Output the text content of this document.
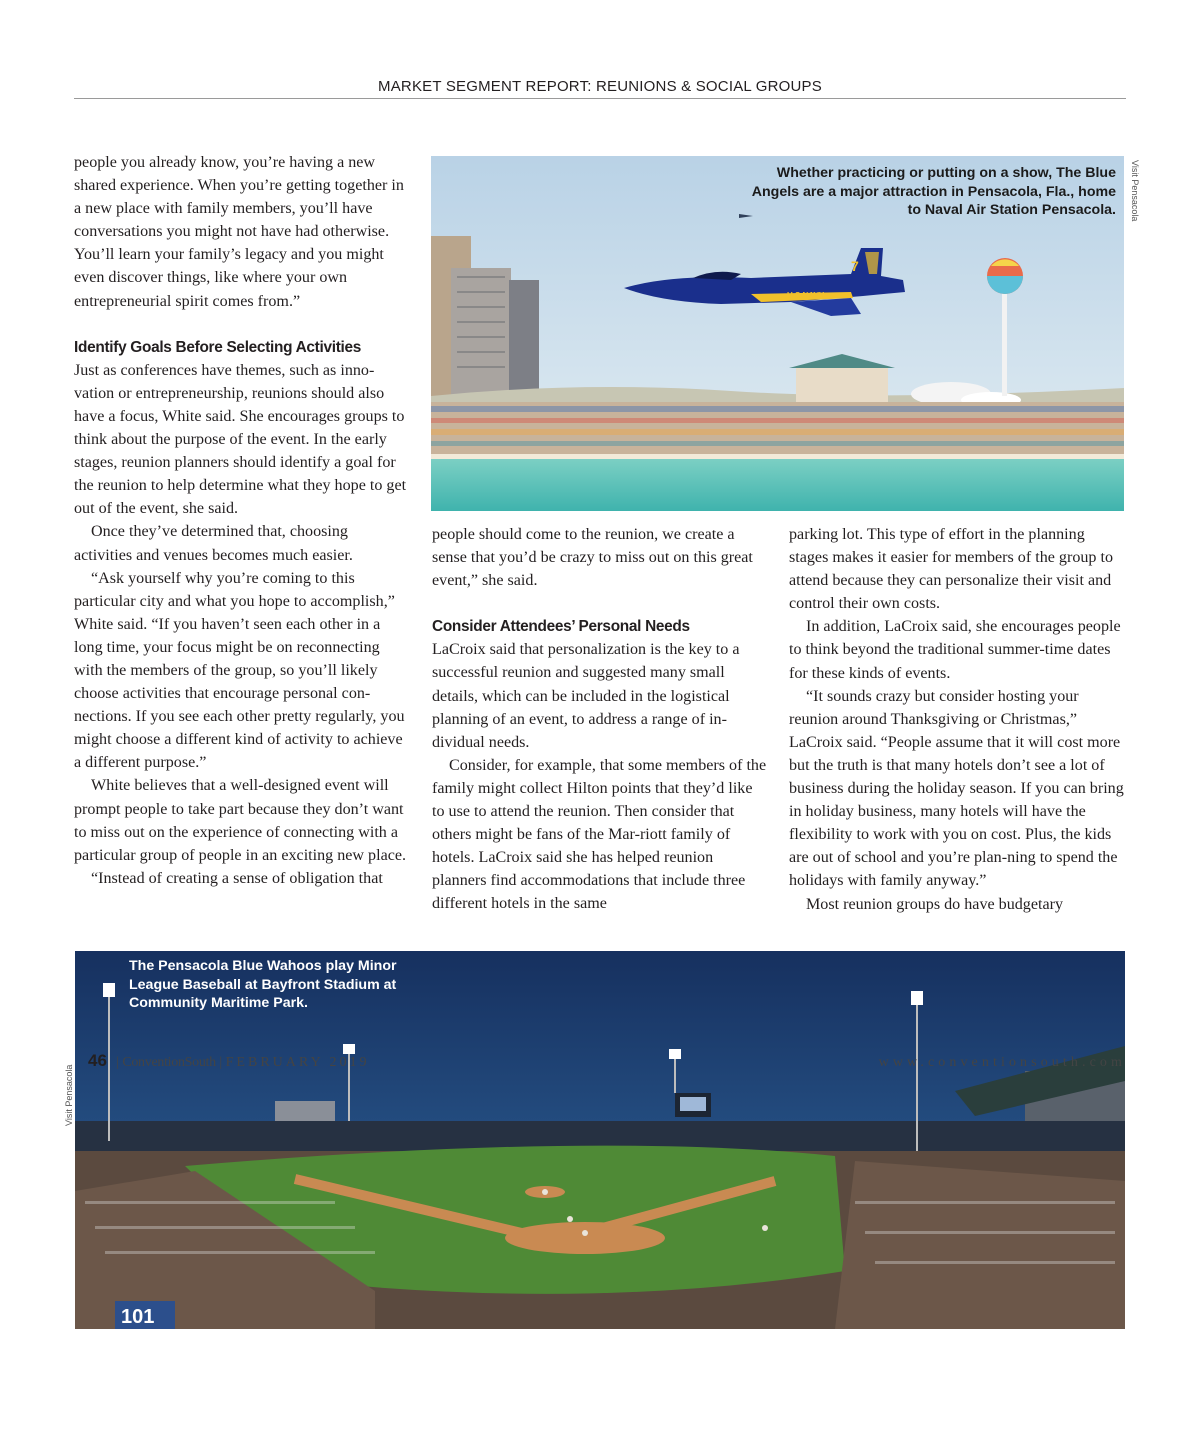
MARKET SEGMENT REPORT: REUNIONS & SOCIAL GROUPS

people you already know, you’re having a new shared experience. When you’re getting together in a new place with family members, you’ll have conversations you might not have had otherwise. You’ll learn your family’s legacy and you might even discover things, like where your own entrepreneurial spirit comes from.”

Identify Goals Before Selecting Activities

Just as conferences have themes, such as inno-vation or entrepreneurship, reunions should also have a focus, White said. She encourages groups to think about the purpose of the event. In the early stages, reunion planners should identify a goal for the reunion to help determine what they hope to get out of the event, she said.

Once they’ve determined that, choosing activities and venues becomes much easier.

“Ask yourself why you’re coming to this particular city and what you hope to accomplish,” White said. “If you haven’t seen each other in a long time, your focus might be on reconnecting with the members of the group, so you’ll likely choose activities that encourage personal con-nections. If you see each other pretty regularly, you might choose a different kind of activity to achieve a different purpose.”

White believes that a well-designed event will prompt people to take part because they don’t want to miss out on the experience of connecting with a particular group of people in an exciting new place.

“Instead of creating a sense of obligation that

7
U.S.NAVY
Whether practicing or putting on a show, The Blue Angels are a major attraction in Pensacola, Fla., home to Naval Air Station Pensacola. Visit Pensacola

people should come to the reunion, we create a sense that you’d be crazy to miss out on this great event,” she said.

Consider Attendees’ Personal Needs

LaCroix said that personalization is the key to a successful reunion and suggested many small details, which can be included in the logistical planning of an event, to address a range of in-dividual needs.

Consider, for example, that some members of the family might collect Hilton points that they’d like to use to attend the reunion. Then consider that others might be fans of the Mar-riott family of hotels. LaCroix said she has helped reunion planners find accommodations that include three different hotels in the same

parking lot. This type of effort in the planning stages makes it easier for members of the group to attend because they can personalize their visit and control their own costs.

In addition, LaCroix said, she encourages people to think beyond the traditional summer-time dates for these kinds of events.

“It sounds crazy but consider hosting your reunion around Thanksgiving or Christmas,” LaCroix said. “People assume that it will cost more but the truth is that many hotels don’t see a lot of business during the holiday season. If you can bring in holiday business, many hotels will have the flexibility to work with you on cost. Plus, the kids are out of school and you’re plan-ning to spend the holidays with family anyway.”

Most reunion groups do have budgetary

101
The Pensacola Blue Wahoos play Minor League Baseball at Bayfront Stadium at Community Maritime Park.
Visit Pensacola
46 | ConventionSouth | FEBRUARY 2019	www.conventionsouth.com
